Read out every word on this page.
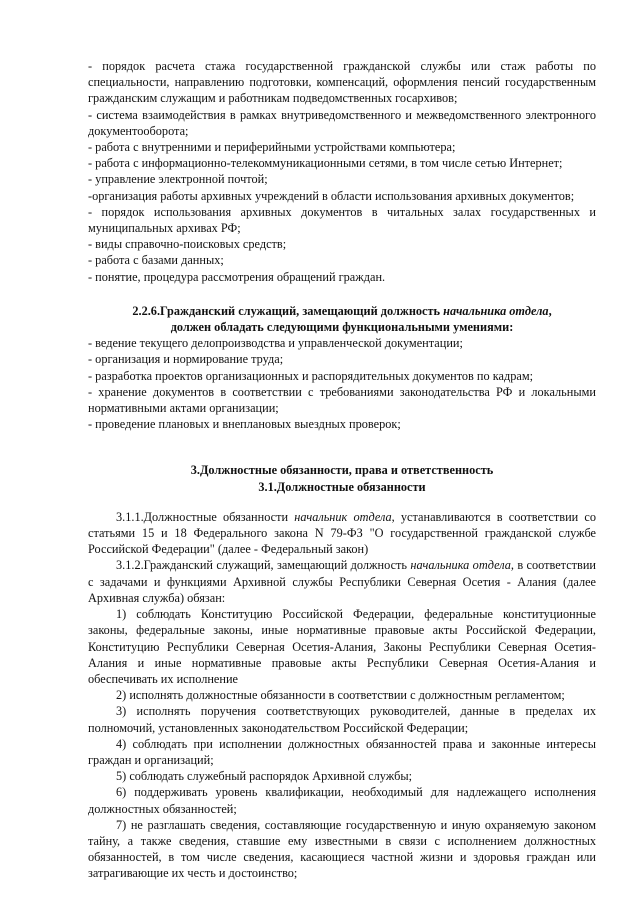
- порядок расчета стажа государственной гражданской службы или стаж работы по специальности, направлению подготовки, компенсаций, оформления пенсий государственным гражданским служащим и работникам подведомственных госархивов;

- система взаимодействия в рамках внутриведомственного и межведомственного электронного документооборота;

- работа с внутренними и периферийными устройствами компьютера;

- работа с информационно-телекоммуникационными сетями, в том числе сетью Интернет;

- управление электронной почтой;

-организация работы архивных учреждений в области использования архивных документов;

- порядок использования архивных документов в читальных залах государственных и муниципальных архивах РФ;

- виды справочно-поисковых средств;

- работа с базами данных;

- понятие, процедура рассмотрения обращений граждан.

2.2.6.Гражданский служащий, замещающий должность начальника отдела,

должен обладать следующими функциональными умениями:

- ведение текущего делопроизводства и управленческой документации;

- организация и нормирование труда;

- разработка проектов организационных и распорядительных документов по кадрам;

- хранение документов в соответствии с требованиями законодательства РФ и локальными нормативными актами организации;

- проведение плановых и внеплановых выездных проверок;

3.Должностные обязанности, права и ответственность

3.1.Должностные обязанности

3.1.1.Должностные обязанности начальник отдела, устанавливаются в соответствии со статьями 15 и 18 Федерального закона N 79-ФЗ "О государственной гражданской службе Российской Федерации" (далее - Федеральный закон)

3.1.2.Гражданский служащий, замещающий должность начальника отдела, в соответствии с задачами и функциями Архивной службы Республики Северная Осетия - Алания (далее Архивная служба) обязан:

1) соблюдать Конституцию Российской Федерации, федеральные конституционные законы, федеральные законы, иные нормативные правовые акты Российской Федерации, Конституцию Республики Северная Осетия-Алания, Законы Республики Северная Осетия-Алания и иные нормативные правовые акты Республики Северная Осетия-Алания и обеспечивать их исполнение

2) исполнять должностные обязанности в соответствии с должностным регламентом;

3) исполнять поручения соответствующих руководителей, данные в пределах их полномочий, установленных законодательством Российской Федерации;

4) соблюдать при исполнении должностных обязанностей права и законные интересы граждан и организаций;

5) соблюдать служебный распорядок Архивной службы;

6) поддерживать уровень квалификации, необходимый для надлежащего исполнения должностных обязанностей;

7) не разглашать сведения, составляющие государственную и иную охраняемую законом тайну, а также сведения, ставшие ему известными в связи с исполнением должностных обязанностей, в том числе сведения, касающиеся частной жизни и здоровья граждан или затрагивающие их честь и достоинство;
